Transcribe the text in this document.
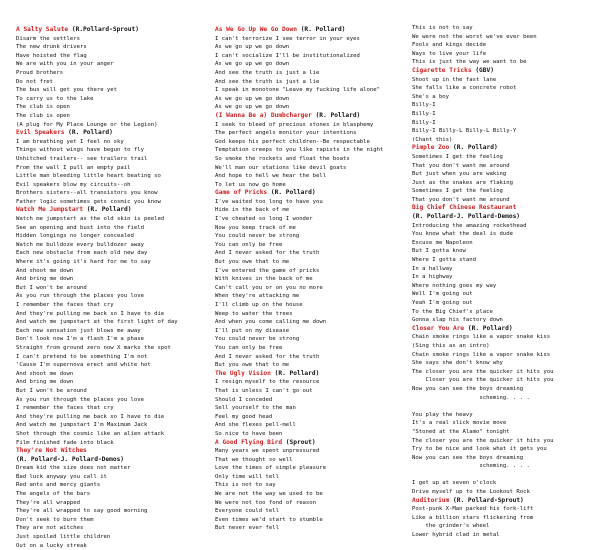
A Salty Salute (R.Pollard-Sprout)
Disarm the settlers
The new drunk drivers
Have hoisted the flag
We are with you in your anger
Proud brothers
Do not fret
The bus will get you there yet
To carry us to the lake
The club is open
The club is open
(A plug for My Place Lounge or the Legion)
Evil Speakers (R. Pollard)
I am breathing yet I feel no sky
Things without wings have begun to fly
Unhitched trailers-- see trailers trail
From the wall I pull an empty pail
Little man bleeding little heart beating so
Evil speakers blow my circuits--oh
Brothers sisters--all transistors you know
Father logic sometimes gets cosmic you know
Watch Me Jumpstart (R. Pollard)
Watch me jumpstart as the old skin is peeled
See an opening and bust into the field
Hidden longings no longer concealed
Watch me bulldoze every bulldozer away
Each new obstacle from each old new day
Where it's going it's hard for me to say
And shoot me down
And bring me down
But I won't be around
As you run through the places you love
I remember the faces that cry
And they're pulling me back so I have to die
And watch me jumpstart at the first light of day
Each new sensation just blows me away
Don't look now I'm a flash I'm a phase
Straight from ground zero now X marks the spot
I can't pretend to be something I'm not
'Cause I'm supernova erect and white hot
And shoot me down
And bring me down
But I won't be around
As you run through the places you love
I remember the faces that cry
And they're pulling me back so I have to die
And watch me jumpstart I'm Maximum Jack
Shot through the cosmic like an alien attack
Film finished fade into black
They're Not Witches
(R. Pollard-J. Pollard-Demos)
Dream kid the size does not matter
Bad luck anyway you call it
Red ants and mercy giants
The angels of the bars
They're all wrapped
They're all wrapped to say good morning
Don't seek to burn them
They are not witches
Just spoiled little children
Out on a lucky streak
As We Go Up We Go Down (R. Pollard)
I can't terrorize I see terror in your eyes
As we go up we go down
I can't socialize I'll be institutionalized
As we go up we go down
And see the truth is just a lie
And see the truth is just a lie
I speak in monotone "Leave my fucking life alone"
As we go up we go down
As we go up we go down
(I Wanna Be a) Dumbcharger (R. Pollard)
I seek to bleed of precious stones in blasphemy
The perfect angels monitor your intentions
God keeps his perfect children--Be respectable
Temptation creeps to you like rapists in the night
So smoke the rockets and float the boats
We'll man our stations like devil goats
And hope to hell we hear the bell
To let us now go home
Game of Pricks (R. Pollard)
I've waited too long to have you
Hide in the back of me
I've cheated so long I wonder
Now you keep track of me
You could never be strong
You can only be free
And I never asked for the truth
But you owe that to me
I've entered the game of pricks
With knives in the back of me
Can't call you or on you no more
When they're attacking me
I'll climb up on the house
Weep to water the trees
And when you come calling me down
I'll put on my disease
You could never be strong
You can only be free
And I never asked for the truth
But you owe that to me
The Ugly Vision (R. Pollard)
I resign myself to the resource
That is unless I can't go out
Should I conceded
Sell yourself to the man
Feel my good head
And she flexes pell-mell
So nice to have been
A Good Flying Bird (Sprout)
Many years we spent unpressured
That we thought so well
Love the times of simple pleasure
Only time will tell
This is not to say
We are not the way we used to be
We were not too fond of reason
Everyone could tell
Even times we'd start to stumble
But never ever fell
This is not to say
We were not the worst we've ever been
Fools and kings decide
Ways to live your life
This is just the way we want to be
Cigarette Tricks (GBV)
Shoot up in the fast lane
She falls like a concrete robot
She's a boy
Billy-I
Billy-I
Billy-I
Billy-I Billy-L Billy-L Billy-Y
(Chant this)
Pimple Zoo (R. Pollard)
Sometimes I get the feeling
That you don't want me around
But just when you are waking
Just as the snakes are flaking
Sometimes I get the feeling
That you don't want me around
Big Chief Chinese Restaurant
(R. Pollard-J. Pollard-Demos)
Introducing the amazing rockethead
You know what the deal is dude
Excuse me Napoleon
But I gotta know
Where I gotta stand
In a hallway
In a highway
Where nothing goes my way
Well I'm going out
Yeah I'm going out
To the Big Chief's place
Gonna slap his factory down
Closer You Are (R. Pollard)
Chain smoke rings like a vapor snake kiss
(Sing this as an intro)
Chain smoke rings like a vapor snake kiss
She says she don't know why
The closer you are the quicker it hits you
Closer you are the quicker it hits you
Now you can see the boys dreaming
scheming. . . .

You play the heavy
It's a real slick movie move
"Stoned at the Alamo" tonight
The closer you are the quicker it hits you
Try to be nice and look what it gets you
Now you can see the boys dreaming
scheming. . . .

I get up at seven o'clock
Drive myself up to the Lookout Rock
Auditorium (R. Pollard-Sprout)
Post-punk X-Man parked his fork-lift
Like a billion stars flickering from
the grinder's wheel
Lower hybrid clad in metal
